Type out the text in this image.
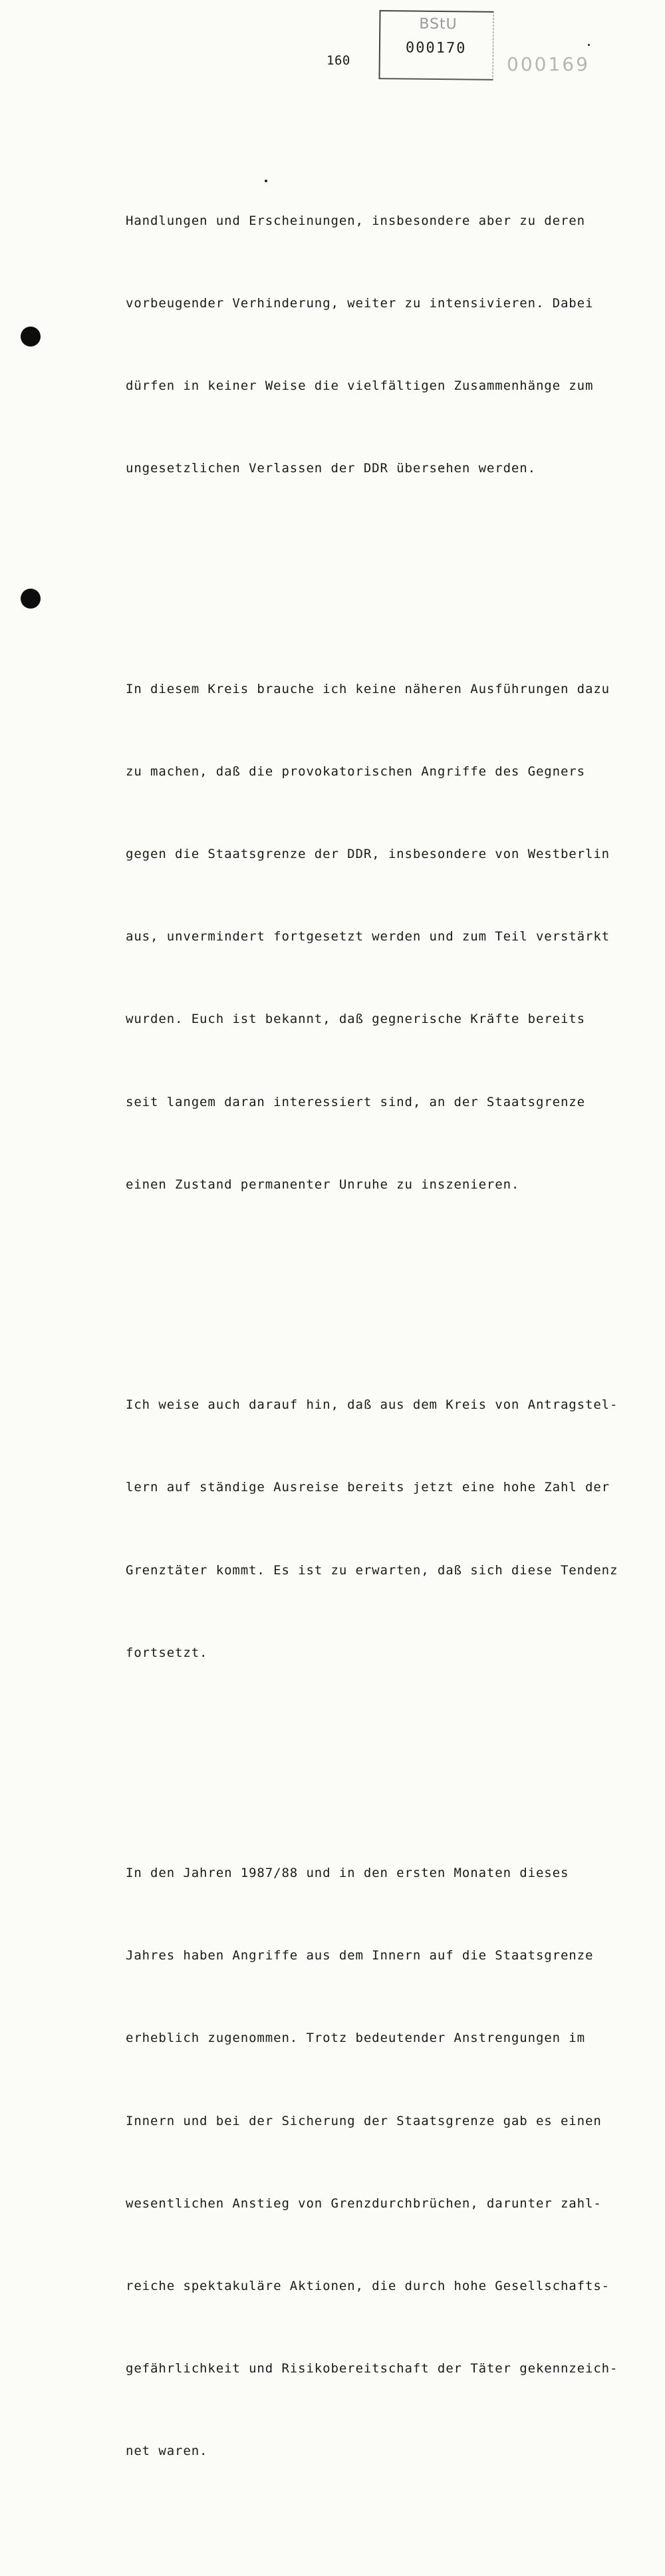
160
BStU
000170
000169

Handlungen und Erscheinungen, insbesondere aber zu deren

vorbeugender Verhinderung, weiter zu intensivieren. Dabei

dürfen in keiner Weise die vielfältigen Zusammenhänge zum

ungesetzlichen Verlassen der DDR übersehen werden.

In diesem Kreis brauche ich keine näheren Ausführungen dazu

zu machen, daß die provokatorischen Angriffe des Gegners

gegen die Staatsgrenze der DDR, insbesondere von Westberlin

aus, unvermindert fortgesetzt werden und zum Teil verstärkt

wurden. Euch ist bekannt, daß gegnerische Kräfte bereits

seit langem daran interessiert sind, an der Staatsgrenze

einen Zustand permanenter Unruhe zu inszenieren.

Ich weise auch darauf hin, daß aus dem Kreis von Antragstel-

lern auf ständige Ausreise bereits jetzt eine hohe Zahl der

Grenztäter kommt. Es ist zu erwarten, daß sich diese Tendenz

fortsetzt.

In den Jahren 1987/88 und in den ersten Monaten dieses

Jahres haben Angriffe aus dem Innern auf die Staatsgrenze

erheblich zugenommen. Trotz bedeutender Anstrengungen im

Innern und bei der Sicherung der Staatsgrenze gab es einen

wesentlichen Anstieg von Grenzdurchbrüchen, darunter zahl-

reiche spektakuläre Aktionen, die durch hohe Gesellschafts-

gefährlichkeit und Risikobereitschaft der Täter gekennzeich-

net waren.
